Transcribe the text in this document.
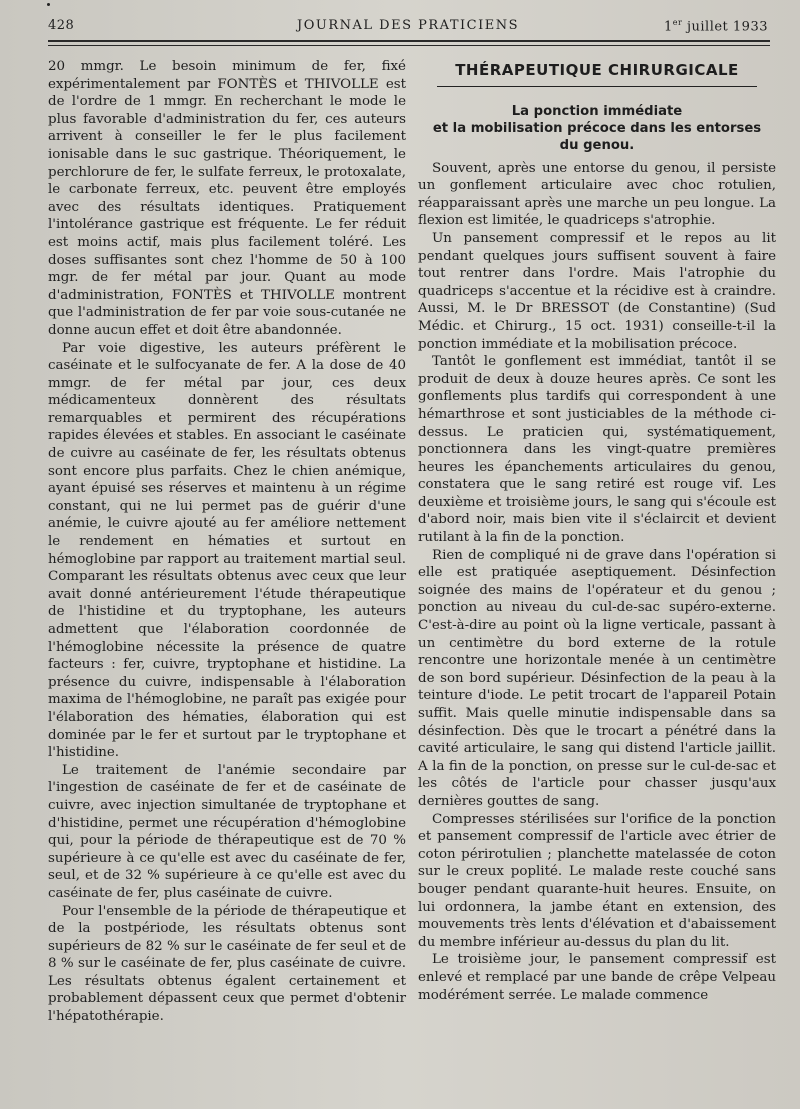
428	JOURNAL DES PRATICIENS	1er juillet 1933

20 mmgr. Le besoin minimum de fer, fixé expérimentalement par FONTÈS et THIVOLLE est de l'ordre de 1 mmgr. En recherchant le mode le plus favorable d'administration du fer, ces auteurs arrivent à conseiller le fer le plus facilement ionisable dans le suc gastrique. Théoriquement, le perchlorure de fer, le sulfate ferreux, le protoxalate, le carbonate ferreux, etc. peuvent être employés avec des résultats identiques. Pratiquement l'intolérance gastrique est fréquente. Le fer réduit est moins actif, mais plus facilement toléré. Les doses suffisantes sont chez l'homme de 50 à 100 mgr. de fer métal par jour. Quant au mode d'administration, FONTÈS et THIVOLLE montrent que l'administration de fer par voie sous-cutanée ne donne aucun effet et doit être abandonnée.

Par voie digestive, les auteurs préfèrent le caséinate et le sulfocyanate de fer. A la dose de 40 mmgr. de fer métal par jour, ces deux médicamenteux donnèrent des résultats remarquables et permirent des récupérations rapides élevées et stables. En associant le caséinate de cuivre au caséinate de fer, les résultats obtenus sont encore plus parfaits. Chez le chien anémique, ayant épuisé ses réserves et maintenu à un régime constant, qui ne lui permet pas de guérir d'une anémie, le cuivre ajouté au fer améliore nettement le rendement en hématies et surtout en hémoglobine par rapport au traitement martial seul. Comparant les résultats obtenus avec ceux que leur avait donné antérieurement l'étude thérapeutique de l'histidine et du tryptophane, les auteurs admettent que l'élaboration coordonnée de l'hémoglobine nécessite la présence de quatre facteurs : fer, cuivre, tryptophane et histidine. La présence du cuivre, indispensable à l'élaboration maxima de l'hémoglobine, ne paraît pas exigée pour l'élaboration des hématies, élaboration qui est dominée par le fer et surtout par le tryptophane et l'histidine.

Le traitement de l'anémie secondaire par l'ingestion de caséinate de fer et de caséinate de cuivre, avec injection simultanée de tryptophane et d'histidine, permet une récupération d'hémoglobine qui, pour la période de thérapeutique est de 70 % supérieure à ce qu'elle est avec du caséinate de fer, seul, et de 32 % supérieure à ce qu'elle est avec du caséinate de fer, plus caséinate de cuivre.

Pour l'ensemble de la période de thérapeutique et de la postpériode, les résultats obtenus sont supérieurs de 82 % sur le caséinate de fer seul et de 8 % sur le caséinate de fer, plus caséinate de cuivre. Les résultats obtenus égalent certainement et probablement dépassent ceux que permet d'obtenir l'hépatothérapie.

THÉRAPEUTIQUE CHIRURGICALE
La ponction immédiate
et la mobilisation précoce dans les entorses
du genou.

Souvent, après une entorse du genou, il persiste un gonflement articulaire avec choc rotulien, réapparaissant après une marche un peu longue. La flexion est limitée, le quadriceps s'atrophie.

Un pansement compressif et le repos au lit pendant quelques jours suffisent souvent à faire tout rentrer dans l'ordre. Mais l'atrophie du quadriceps s'accentue et la récidive est à craindre. Aussi, M. le Dr BRESSOT (de Constantine) (Sud Médic. et Chirurg., 15 oct. 1931) conseille-t-il la ponction immédiate et la mobilisation précoce.

Tantôt le gonflement est immédiat, tantôt il se produit de deux à douze heures après. Ce sont les gonflements plus tardifs qui correspondent à une hémarthrose et sont justiciables de la méthode ci-dessus. Le praticien qui, systématiquement, ponctionnera dans les vingt-quatre premières heures les épanchements articulaires du genou, constatera que le sang retiré est rouge vif. Les deuxième et troisième jours, le sang qui s'écoule est d'abord noir, mais bien vite il s'éclaircit et devient rutilant à la fin de la ponction.

Rien de compliqué ni de grave dans l'opération si elle est pratiquée aseptiquement. Désinfection soignée des mains de l'opérateur et du genou ; ponction au niveau du cul-de-sac supéro-externe. C'est-à-dire au point où la ligne verticale, passant à un centimètre du bord externe de la rotule rencontre une horizontale menée à un centimètre de son bord supérieur. Désinfection de la peau à la teinture d'iode. Le petit trocart de l'appareil Potain suffit. Mais quelle minutie indispensable dans sa désinfection. Dès que le trocart a pénétré dans la cavité articulaire, le sang qui distend l'article jaillit. A la fin de la ponction, on presse sur le cul-de-sac et les côtés de l'article pour chasser jusqu'aux dernières gouttes de sang.

Compresses stérilisées sur l'orifice de la ponction et pansement compressif de l'article avec étrier de coton périrotulien ; planchette matelassée de coton sur le creux poplité. Le malade reste couché sans bouger pendant quarante-huit heures. Ensuite, on lui ordonnera, la jambe étant en extension, des mouvements très lents d'élévation et d'abaissement du membre inférieur au-dessus du plan du lit.

Le troisième jour, le pansement compressif est enlevé et remplacé par une bande de crêpe Velpeau modérément serrée. Le malade commence
